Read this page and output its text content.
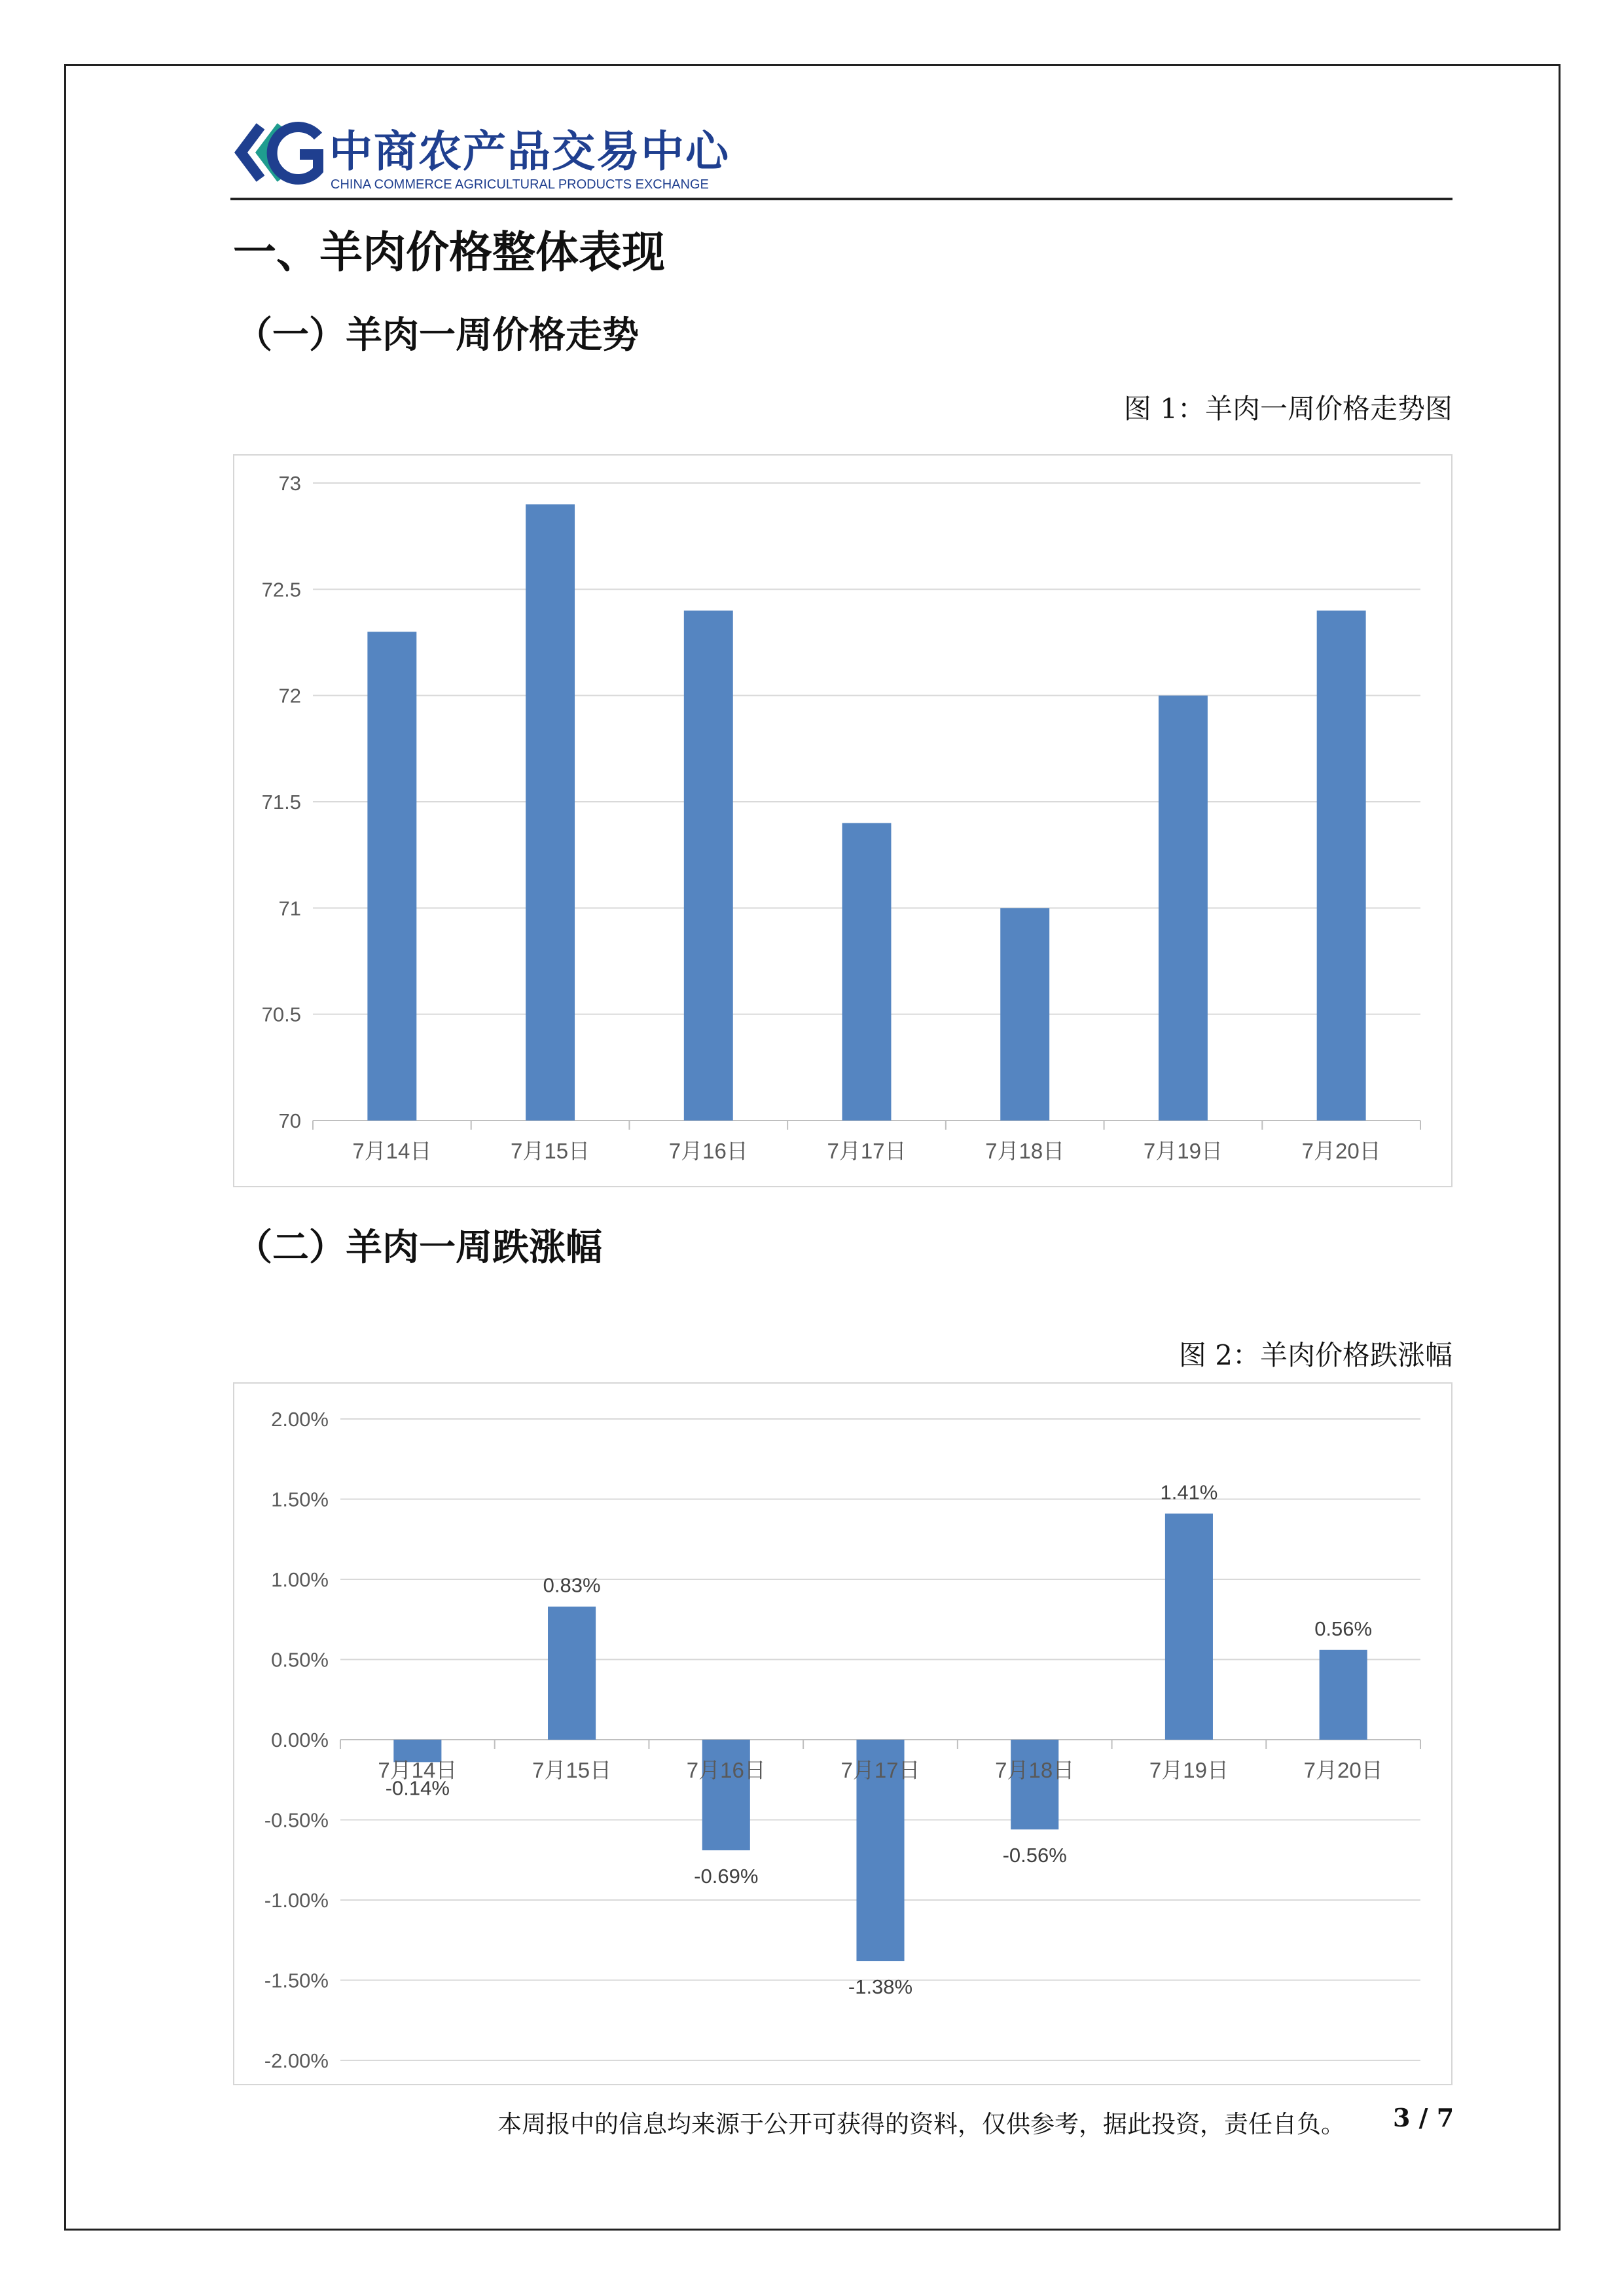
中商农产品交易中心
CHINA COMMERCE AGRICULTURAL PRODUCTS EXCHANGE
一、羊肉价格整体表现
（一）羊肉一周价格走势
图 1：羊肉一周价格走势图
70
70.5
71
71.5
72
72.5
73
7月14日	7月15日	7月16日	7月17日	7月18日	7月19日	7月20日
（二）羊肉一周跌涨幅
图 2：羊肉价格跌涨幅
-2.00%
-1.50%
-1.00%
-0.50%
0.00%
0.50%
1.00%
1.50%
2.00%
7月14日
-0.14%
7月15日
0.83%
7月16日
-0.69%
7月17日
-1.38%
7月18日
-0.56%
7月19日
1.41%
7月20日
0.56%
本周报中的信息均来源于公开可获得的资料，仅供参考，据此投资，责任自负。 3 / 7
